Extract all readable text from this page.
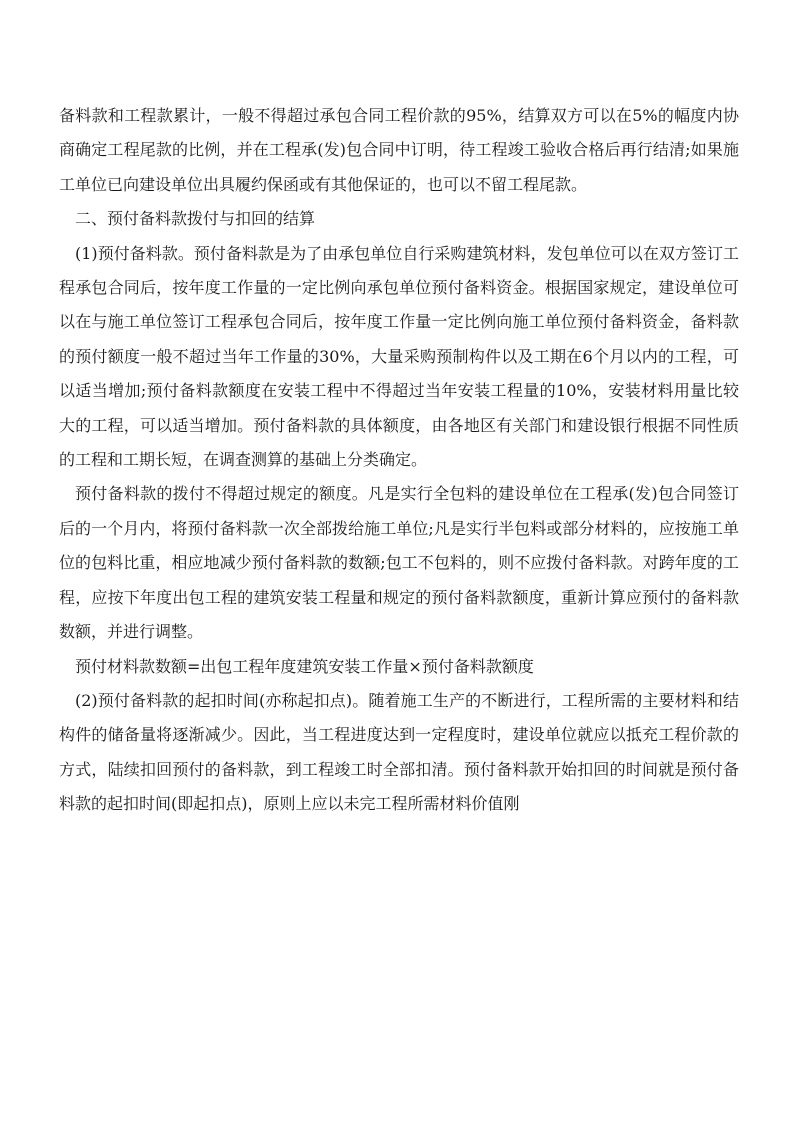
备料款和工程款累计，一般不得超过承包合同工程价款的95%，结算双方可以在5%的幅度内协商确定工程尾款的比例，并在工程承(发)包合同中订明，待工程竣工验收合格后再行结清;如果施工单位已向建设单位出具履约保函或有其他保证的，也可以不留工程尾款。

二、预付备料款拨付与扣回的结算

(1)预付备料款。预付备料款是为了由承包单位自行采购建筑材料，发包单位可以在双方签订工程承包合同后，按年度工作量的一定比例向承包单位预付备料资金。根据国家规定，建设单位可以在与施工单位签订工程承包合同后，按年度工作量一定比例向施工单位预付备料资金，备料款的预付额度一般不超过当年工作量的30%，大量采购预制构件以及工期在6个月以内的工程，可以适当增加;预付备料款额度在安装工程中不得超过当年安装工程量的10%，安装材料用量比较大的工程，可以适当增加。预付备料款的具体额度，由各地区有关部门和建设银行根据不同性质的工程和工期长短，在调查测算的基础上分类确定。

预付备料款的拨付不得超过规定的额度。凡是实行全包料的建设单位在工程承(发)包合同签订后的一个月内，将预付备料款一次全部拨给施工单位;凡是实行半包料或部分材料的，应按施工单位的包料比重，相应地减少预付备料款的数额;包工不包料的，则不应拨付备料款。对跨年度的工程，应按下年度出包工程的建筑安装工程量和规定的预付备料款额度，重新计算应预付的备料款数额，并进行调整。

预付材料款数额=出包工程年度建筑安装工作量×预付备料款额度

(2)预付备料款的起扣时间(亦称起扣点)。随着施工生产的不断进行，工程所需的主要材料和结构件的储备量将逐渐减少。因此，当工程进度达到一定程度时，建设单位就应以抵充工程价款的方式，陆续扣回预付的备料款，到工程竣工时全部扣清。预付备料款开始扣回的时间就是预付备料款的起扣时间(即起扣点)，原则上应以未完工程所需材料价值刚
